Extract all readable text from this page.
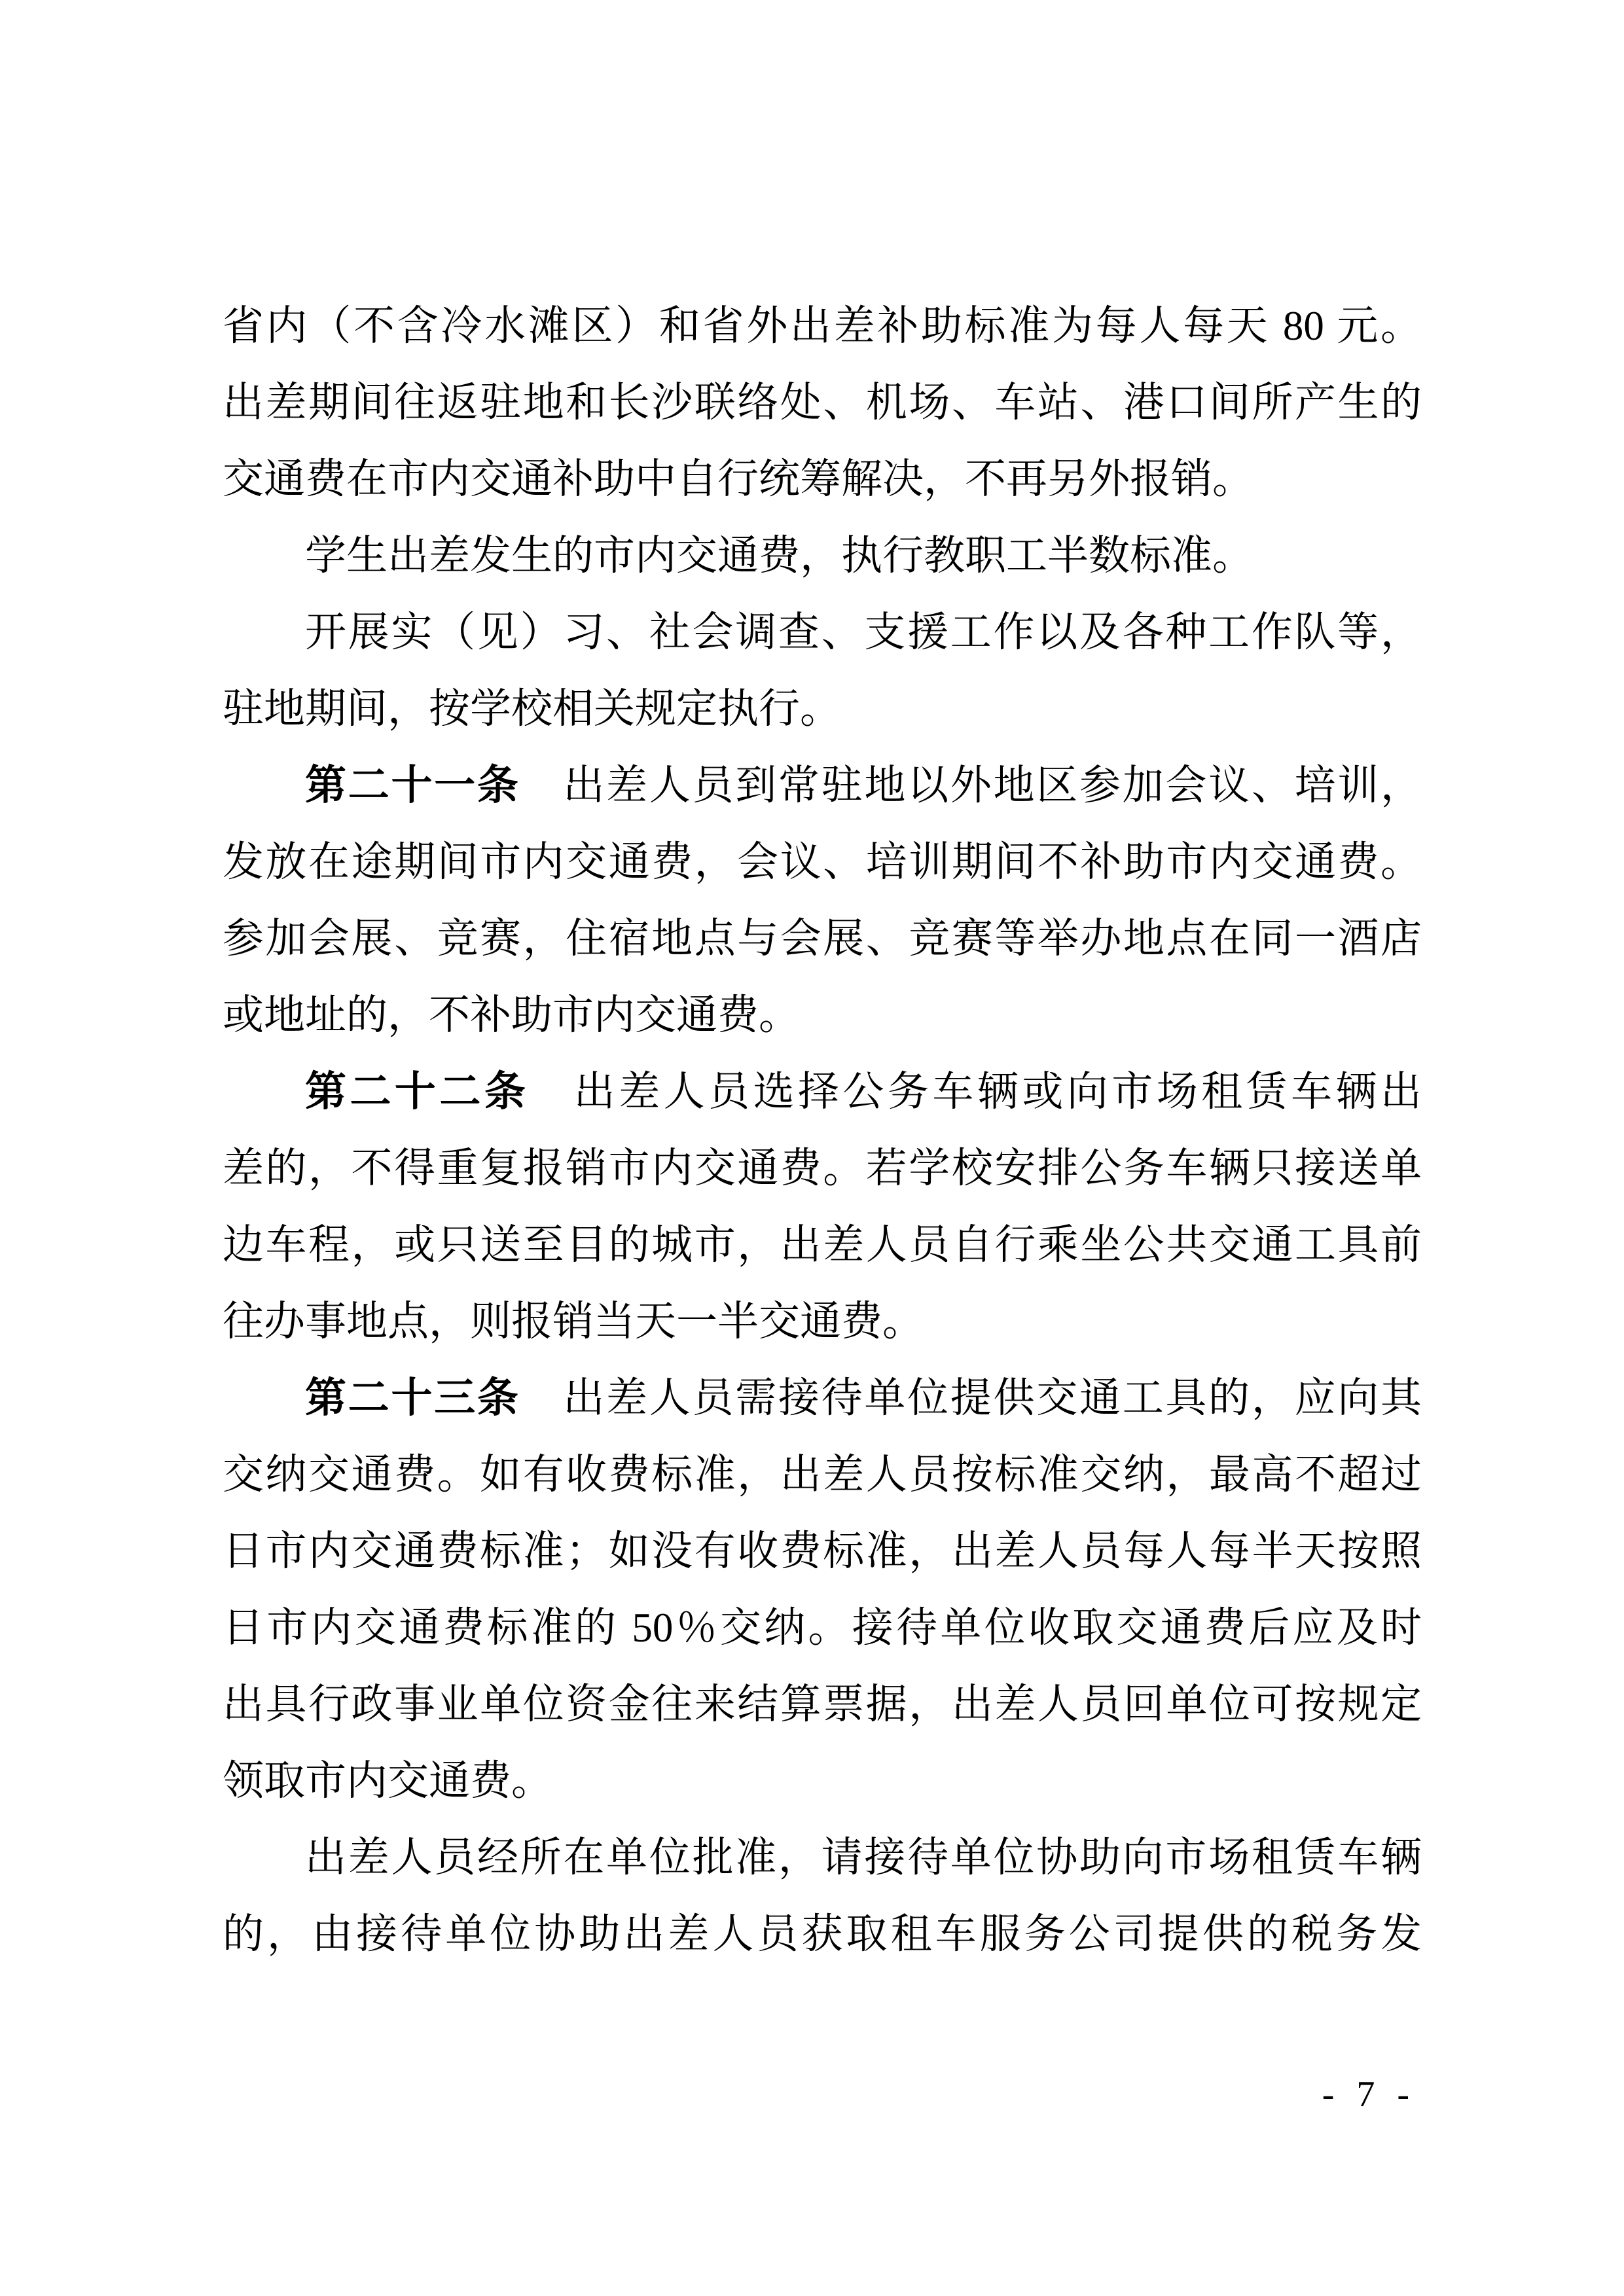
省内（不含冷水滩区）和省外出差补助标准为每人每天 80 元。
出差期间往返驻地和长沙联络处、机场、车站、港口间所产生的
交通费在市内交通补助中自行统筹解决，不再另外报销。
学生出差发生的市内交通费，执行教职工半数标准。
开展实（见）习、社会调查、支援工作以及各种工作队等，
驻地期间，按学校相关规定执行。
第二十一条　出差人员到常驻地以外地区参加会议、培训，
发放在途期间市内交通费，会议、培训期间不补助市内交通费。
参加会展、竞赛，住宿地点与会展、竞赛等举办地点在同一酒店
或地址的，不补助市内交通费。
第二十二条　出差人员选择公务车辆或向市场租赁车辆出
差的，不得重复报销市内交通费。若学校安排公务车辆只接送单
边车程，或只送至目的城市，出差人员自行乘坐公共交通工具前
往办事地点，则报销当天一半交通费。
第二十三条　出差人员需接待单位提供交通工具的，应向其
交纳交通费。如有收费标准，出差人员按标准交纳，最高不超过
日市内交通费标准；如没有收费标准，出差人员每人每半天按照
日市内交通费标准的 50％交纳。接待单位收取交通费后应及时
出具行政事业单位资金往来结算票据，出差人员回单位可按规定
领取市内交通费。
出差人员经所在单位批准，请接待单位协助向市场租赁车辆
的，由接待单位协助出差人员获取租车服务公司提供的税务发
- 7 -
